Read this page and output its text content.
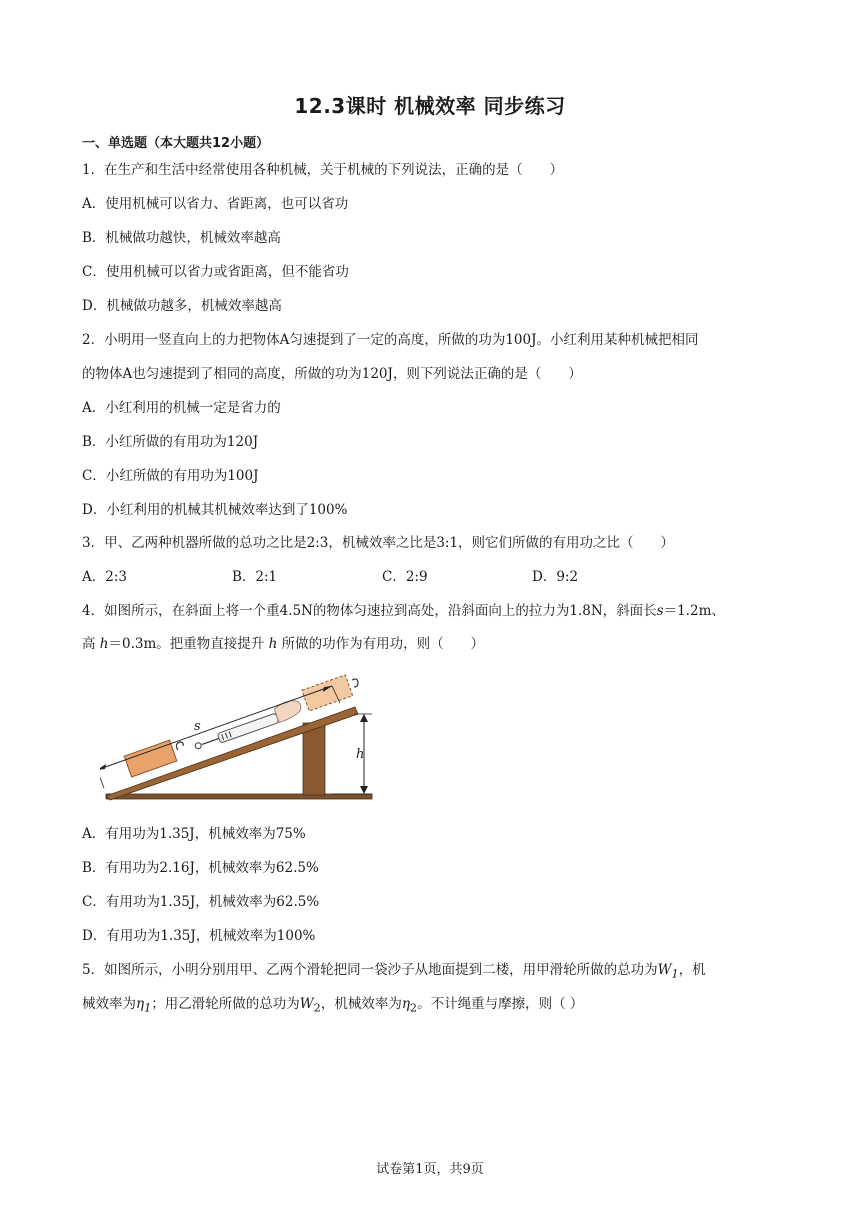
12.3课时 机械效率 同步练习
一、单选题（本大题共12小题）
1．在生产和生活中经常使用各种机械，关于机械的下列说法，正确的是（　　）
A．使用机械可以省力、省距离，也可以省功
B．机械做功越快，机械效率越高
C．使用机械可以省力或省距离，但不能省功
D．机械做功越多，机械效率越高
2．小明用一竖直向上的力把物体A匀速提到了一定的高度，所做的功为100J。小红利用某种机械把相同
的物体A也匀速提到了相同的高度，所做的功为120J，则下列说法正确的是（　　）
A．小红利用的机械一定是省力的
B．小红所做的有用功为120J
C．小红所做的有用功为100J
D．小红利用的机械其机械效率达到了100%
3．甲、乙两种机器所做的总功之比是2:3，机械效率之比是3:1，则它们所做的有用功之比（　　）
A．2:3	B．2:1	C．2:9	D．9:2
4．如图所示，在斜面上将一个重4.5N的物体匀速拉到高处，沿斜面向上的拉力为1.8N，斜面长s＝1.2m、
高 h＝0.3m。把重物直接提升 h 所做的功作为有用功，则（　　）
s
h
A．有用功为1.35J，机械效率为75%
B．有用功为2.16J，机械效率为62.5%
C．有用功为1.35J，机械效率为62.5%
D．有用功为1.35J，机械效率为100%
5．如图所示，小明分别用甲、乙两个滑轮把同一袋沙子从地面提到二楼，用甲滑轮所做的总功为$W_1$，机
械效率为$\eta_1$；用乙滑轮所做的总功为$W_2$，机械效率为$\eta_2$。不计绳重与摩擦，则（ ）
试卷第1页，共9页
